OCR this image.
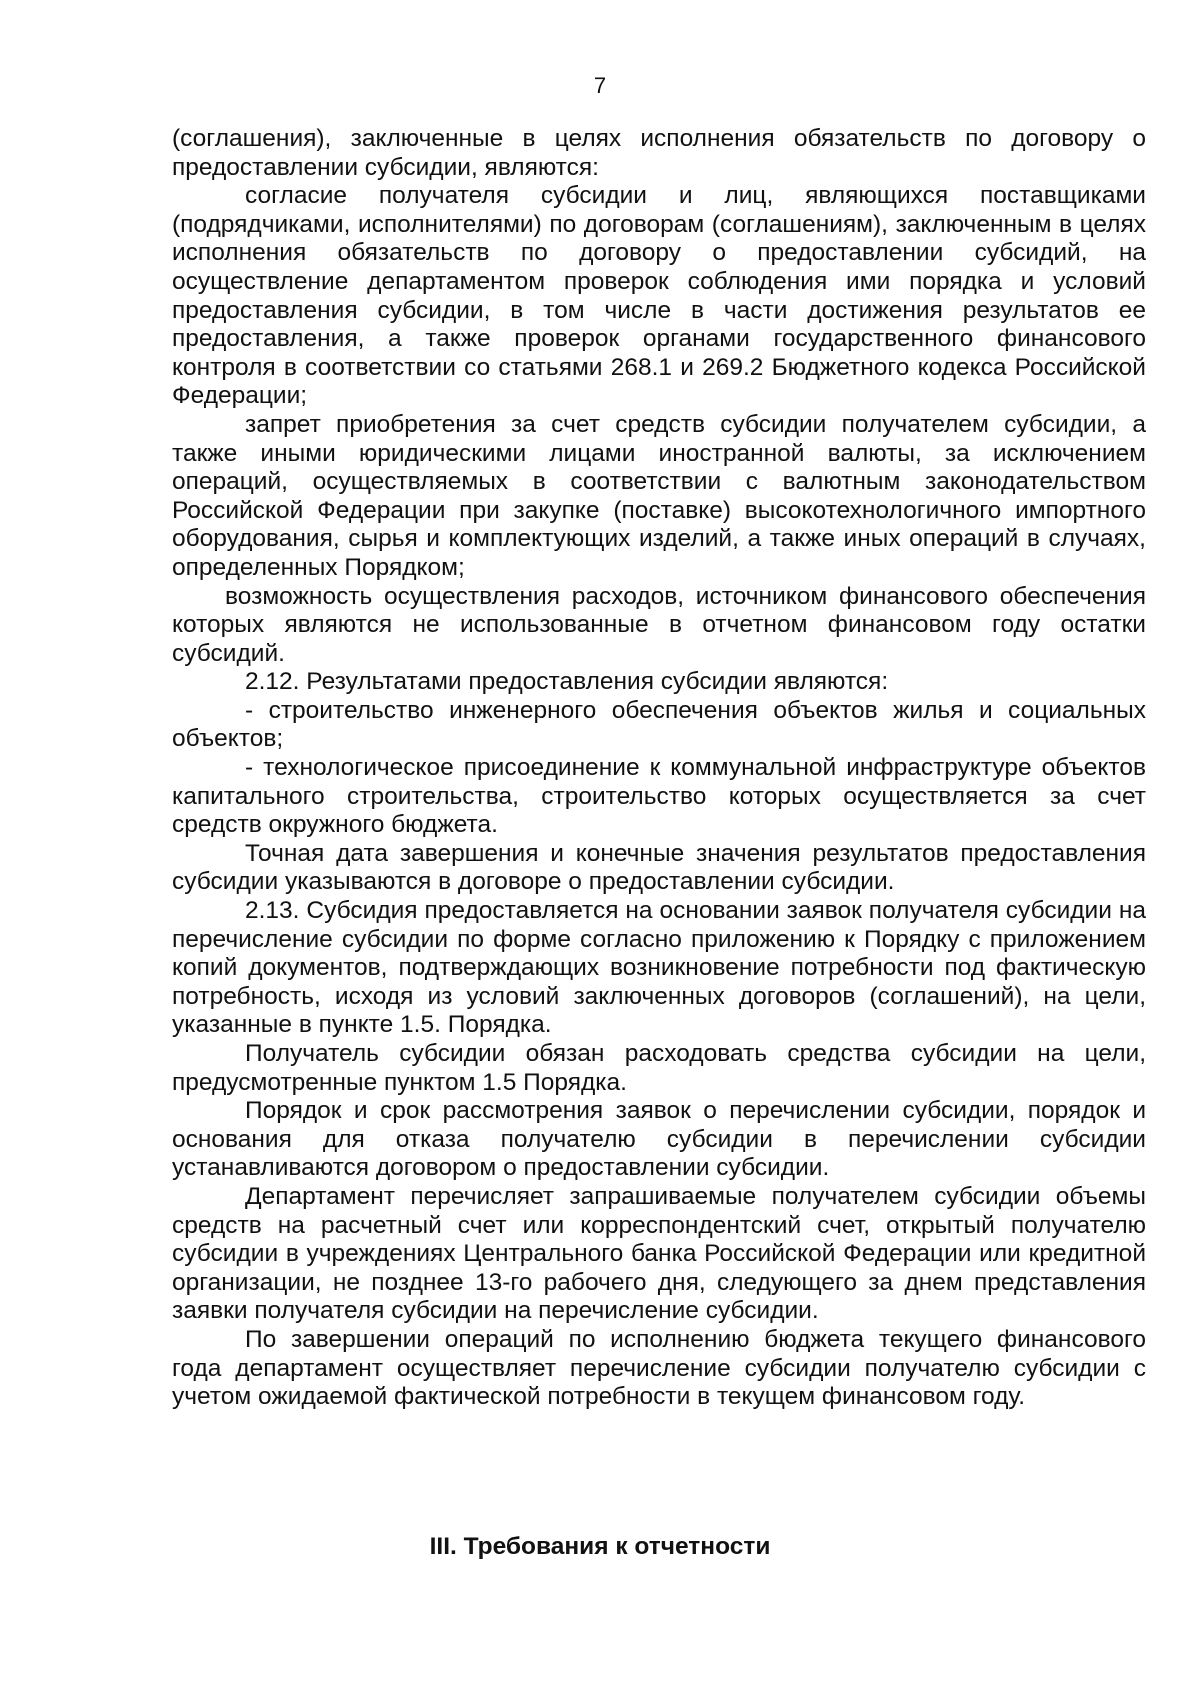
7

(соглашения), заключенные в целях исполнения обязательств по договору о предоставлении субсидии, являются:

согласие получателя субсидии и лиц, являющихся поставщиками (подрядчиками, исполнителями) по договорам (соглашениям), заключенным в целях исполнения обязательств по договору о предоставлении субсидий, на осуществление департаментом проверок соблюдения ими порядка и условий предоставления субсидии, в том числе в части достижения результатов ее предоставления, а также проверок органами государственного финансового контроля в соответствии со статьями 268.1 и 269.2 Бюджетного кодекса Российской Федерации;

запрет приобретения за счет средств субсидии получателем субсидии, а также иными юридическими лицами иностранной валюты, за исключением операций, осуществляемых в соответствии с валютным законодательством Российской Федерации при закупке (поставке) высокотехнологичного импортного оборудования, сырья и комплектующих изделий, а также иных операций в случаях, определенных Порядком;

возможность осуществления расходов, источником финансового обеспечения которых являются не использованные в отчетном финансовом году остатки субсидий.

2.12. Результатами предоставления субсидии являются:

- строительство инженерного обеспечения объектов жилья и социальных объектов;

- технологическое присоединение к коммунальной инфраструктуре объектов капитального строительства, строительство которых осуществляется за счет средств окружного бюджета.

Точная дата завершения и конечные значения результатов предоставления субсидии указываются в договоре о предоставлении субсидии.

2.13. Субсидия предоставляется на основании заявок получателя субсидии на перечисление субсидии по форме согласно приложению к Порядку с приложением копий документов, подтверждающих возникновение потребности под фактическую потребность, исходя из условий заключенных договоров (соглашений), на цели, указанные в пункте 1.5. Порядка.

Получатель субсидии обязан расходовать средства субсидии на цели, предусмотренные пунктом 1.5 Порядка.

Порядок и срок рассмотрения заявок о перечислении субсидии, порядок и основания для отказа получателю субсидии в перечислении субсидии устанавливаются договором о предоставлении субсидии.

Департамент перечисляет запрашиваемые получателем субсидии объемы средств на расчетный счет или корреспондентский счет, открытый получателю субсидии в учреждениях Центрального банка Российской Федерации или кредитной организации, не позднее 13-го рабочего дня, следующего за днем представления заявки получателя субсидии на перечисление субсидии.

По завершении операций по исполнению бюджета текущего финансового года департамент осуществляет перечисление субсидии получателю субсидии с учетом ожидаемой фактической потребности в текущем финансовом году.

III. Требования к отчетности
